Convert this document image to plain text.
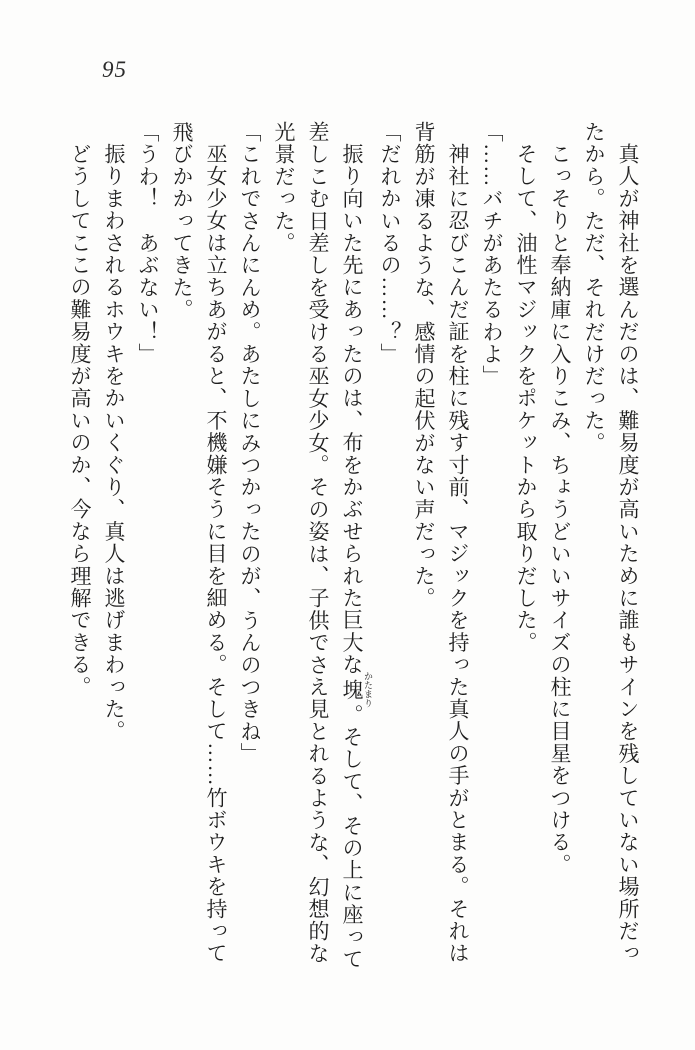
95
真人が神社を選んだのは、難易度が高いために誰もサインを残していない場所だっ
たから。ただ、それだけだった。
こっそりと奉納庫に入りこみ、ちょうどいいサイズの柱に目星をつける。
そして、油性マジックをポケットから取りだした。
「……バチがあたるわよ」
神社に忍びこんだ証を柱に残す寸前、マジックを持った真人の手がとまる。それは
背筋が凍るような、感情の起伏がない声だった。
「だれかいるの……？」
振り向いた先にあったのは、布をかぶせられた巨大な塊 かたまり。そして、その上に座って
差しこむ日差しを受ける巫女少女。その姿は、子供でさえ見とれるような、幻想的な
光景だった。
「これでさんにんめ。あたしにみつかったのが、うんのつきね」
巫女少女は立ちあがると、不機嫌そうに目を細める。そして……竹ボウキを持って
飛びかかってきた。
「うわ！　あぶない！」
振りまわされるホウキをかいくぐり、真人は逃げまわった。
どうしてここの難易度が高いのか、今なら理解できる。
